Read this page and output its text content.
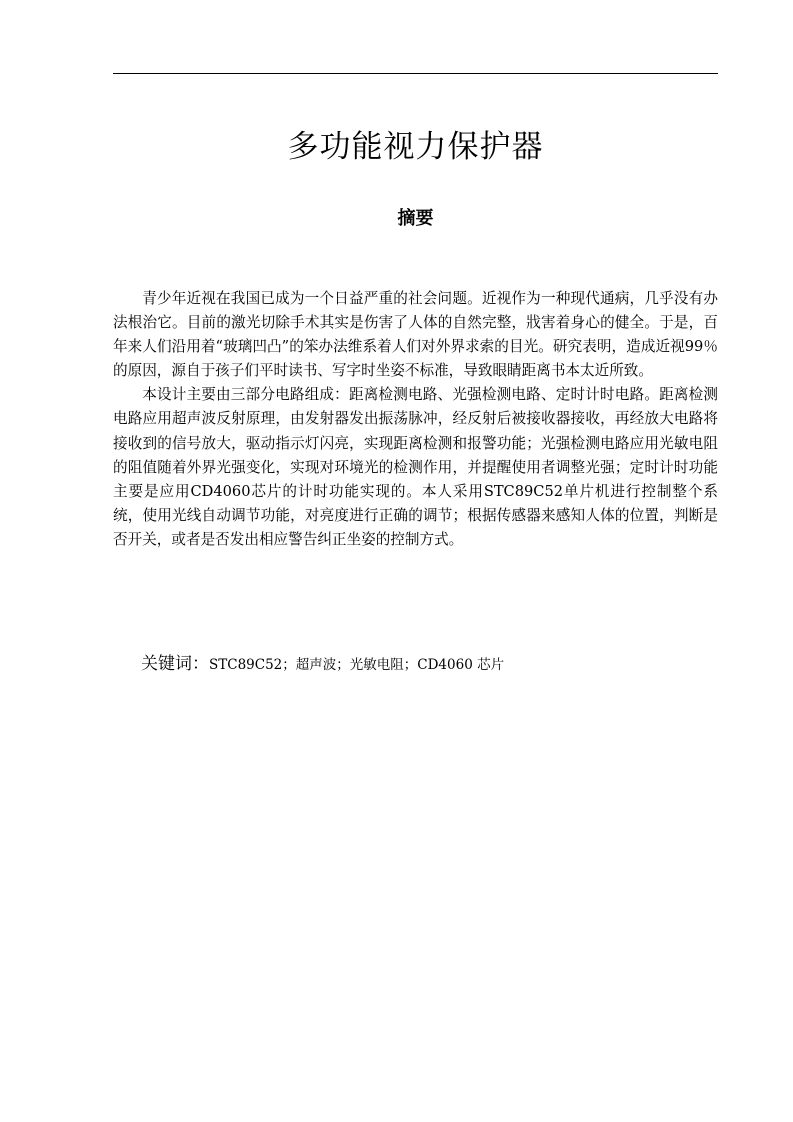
多功能视力保护器
摘要

青少年近视在我国已成为一个日益严重的社会问题。近视作为一种现代通病，几乎没有办法根治它。目前的激光切除手术其实是伤害了人体的自然完整，戕害着身心的健全。于是，百年来人们沿用着“玻璃凹凸”的笨办法维系着人们对外界求索的目光。研究表明，造成近视99％的原因，源自于孩子们平时读书、写字时坐姿不标准，导致眼睛距离书本太近所致。

本设计主要由三部分电路组成：距离检测电路、光强检测电路、定时计时电路。距离检测电路应用超声波反射原理，由发射器发出振荡脉冲，经反射后被接收器接收，再经放大电路将接收到的信号放大，驱动指示灯闪亮，实现距离检测和报警功能；光强检测电路应用光敏电阻的阻值随着外界光强变化，实现对环境光的检测作用，并提醒使用者调整光强；定时计时功能主要是应用CD4060芯片的计时功能实现的。本人采用STC89C52单片机进行控制整个系统，使用光线自动调节功能，对亮度进行正确的调节；根据传感器来感知人体的位置，判断是否开关，或者是否发出相应警告纠正坐姿的控制方式。

关键词：STC89C52；超声波；光敏电阻；CD4060 芯片
